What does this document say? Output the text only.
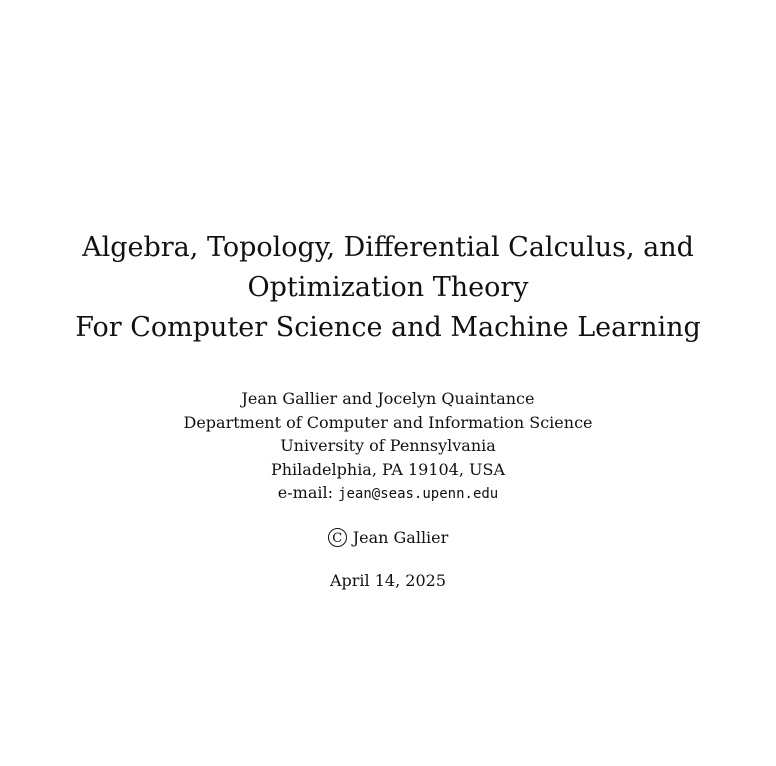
Algebra, Topology, Differential Calculus, and
Optimization Theory
For Computer Science and Machine Learning
Jean Gallier and Jocelyn Quaintance
Department of Computer and Information Science
University of Pennsylvania
Philadelphia, PA 19104, USA
e-mail: jean@seas.upenn.edu
C Jean Gallier
April 14, 2025
